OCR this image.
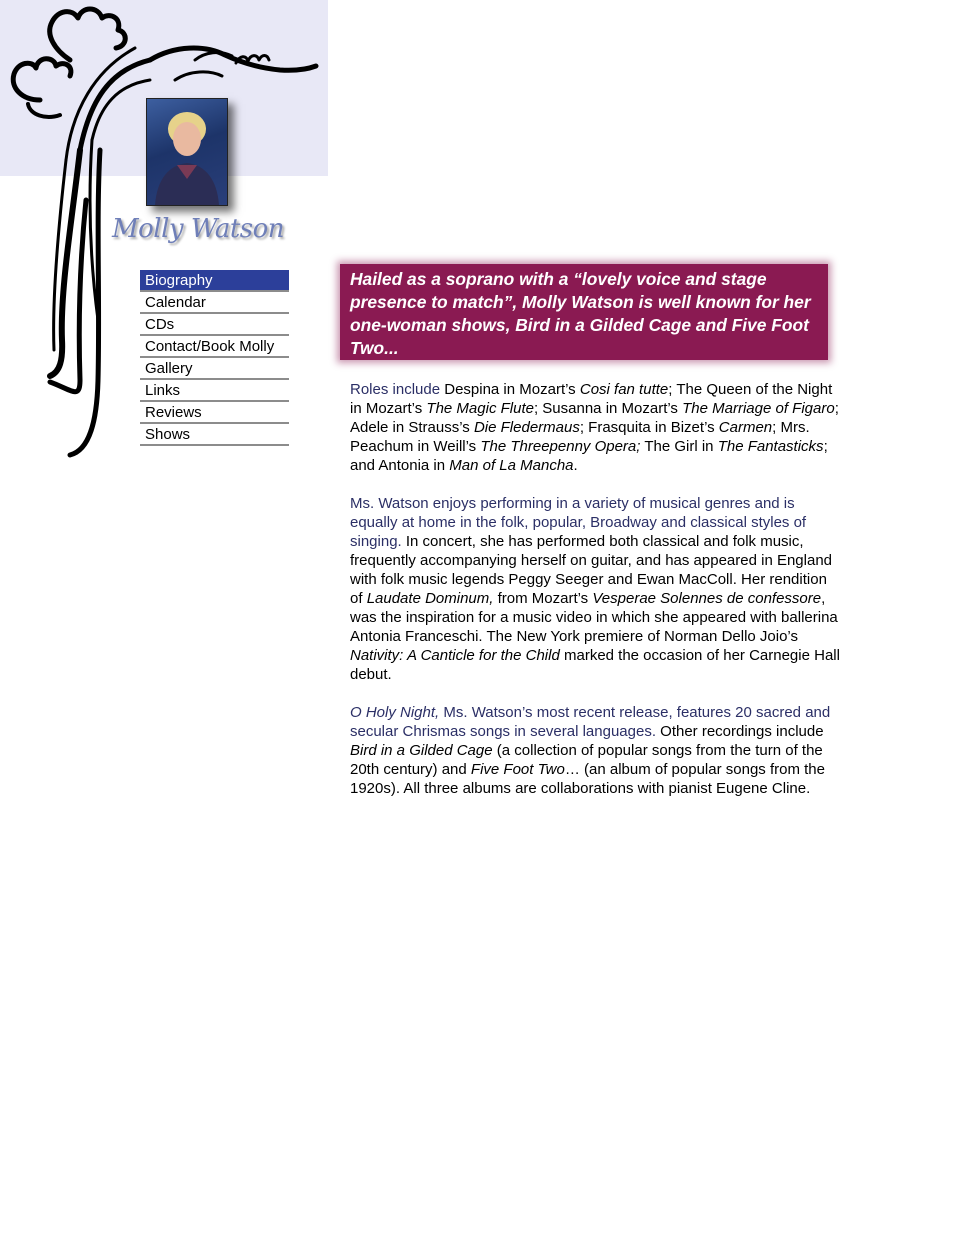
Molly Watson
Biography
Calendar
CDs
Contact/Book Molly
Gallery
Links
Reviews
Shows
Hailed as a soprano with a “lovely voice and stage presence to match”, Molly Watson is well known for her one-woman shows, Bird in a Gilded Cage and Five Foot Two...

Roles include Despina in Mozart’s Cosi fan tutte; The Queen of the Night in Mozart’s The Magic Flute; Susanna in Mozart’s The Marriage of Figaro; Adele in Strauss’s Die Fledermaus; Frasquita in Bizet’s Carmen; Mrs. Peachum in Weill’s The Threepenny Opera; The Girl in The Fantasticks; and Antonia in Man of La Mancha.

Ms. Watson enjoys performing in a variety of musical genres and is equally at home in the folk, popular, Broadway and classical styles of singing. In concert, she has performed both classical and folk music, frequently accompanying herself on guitar, and has appeared in England with folk music legends Peggy Seeger and Ewan MacColl. Her rendition of Laudate Dominum, from Mozart’s Vesperae Solennes de confessore, was the inspiration for a music video in which she appeared with ballerina Antonia Franceschi. The New York premiere of Norman Dello Joio’s Nativity: A Canticle for the Child marked the occasion of her Carnegie Hall debut.

O Holy Night, Ms. Watson’s most recent release, features 20 sacred and secular Chrismas songs in several languages. Other recordings include Bird in a Gilded Cage (a collection of popular songs from the turn of the 20th century) and Five Foot Two… (an album of popular songs from the 1920s). All three albums are collaborations with pianist Eugene Cline.
